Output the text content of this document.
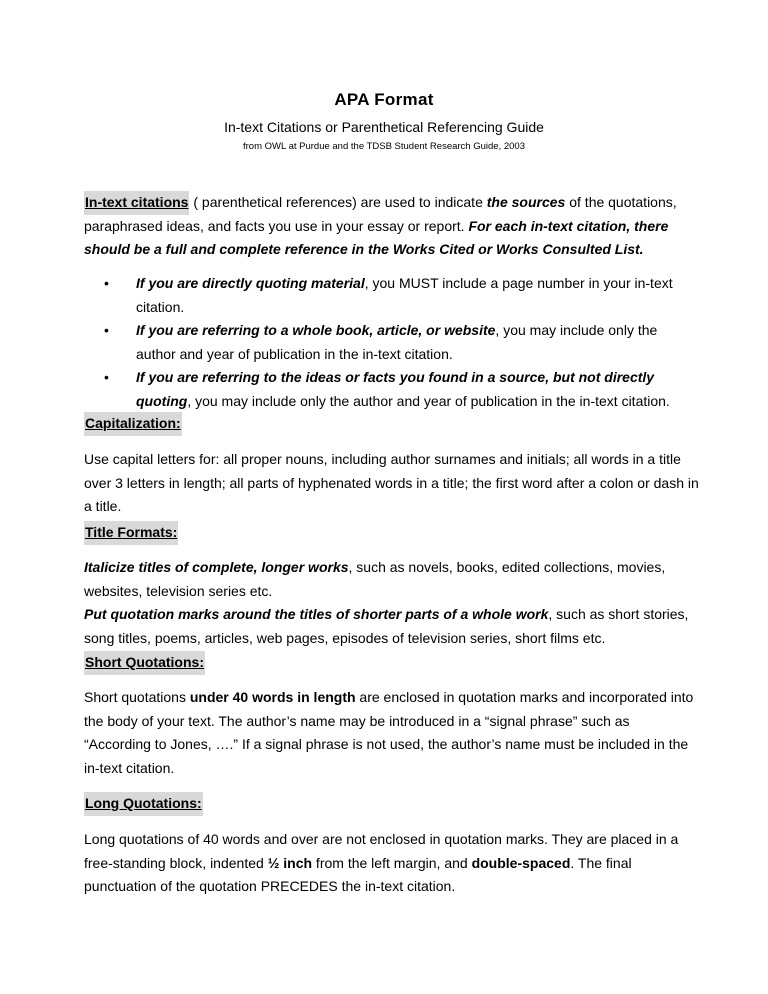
APA Format
In-text Citations or Parenthetical Referencing Guide
from OWL at Purdue and the TDSB Student Research Guide, 2003
In-text citations ( parenthetical references) are used to indicate the sources of the quotations, paraphrased ideas, and facts you use in your essay or report. For each in-text citation, there should be a full and complete reference in the Works Cited or Works Consulted List.
• If you are directly quoting material, you MUST include a page number in your in-text citation.
• If you are referring to a whole book, article, or website, you may include only the author and year of publication in the in-text citation.
• If you are referring to the ideas or facts you found in a source, but not directly quoting, you may include only the author and year of publication in the in-text citation.
Capitalization:
Use capital letters for: all proper nouns, including author surnames and initials; all words in a title over 3 letters in length; all parts of hyphenated words in a title; the first word after a colon or dash in a title.
Title Formats:
Italicize titles of complete, longer works, such as novels, books, edited collections, movies, websites, television series etc.
Put quotation marks around the titles of shorter parts of a whole work, such as short stories, song titles, poems, articles, web pages, episodes of television series, short films etc.
Short Quotations:
Short quotations under 40 words in length are enclosed in quotation marks and incorporated into the body of your text. The author’s name may be introduced in a “signal phrase” such as “According to Jones, ….” If a signal phrase is not used, the author’s name must be included in the in-text citation.
Long Quotations:
Long quotations of 40 words and over are not enclosed in quotation marks. They are placed in a free-standing block, indented ½ inch from the left margin, and double-spaced. The final punctuation of the quotation PRECEDES the in-text citation.
